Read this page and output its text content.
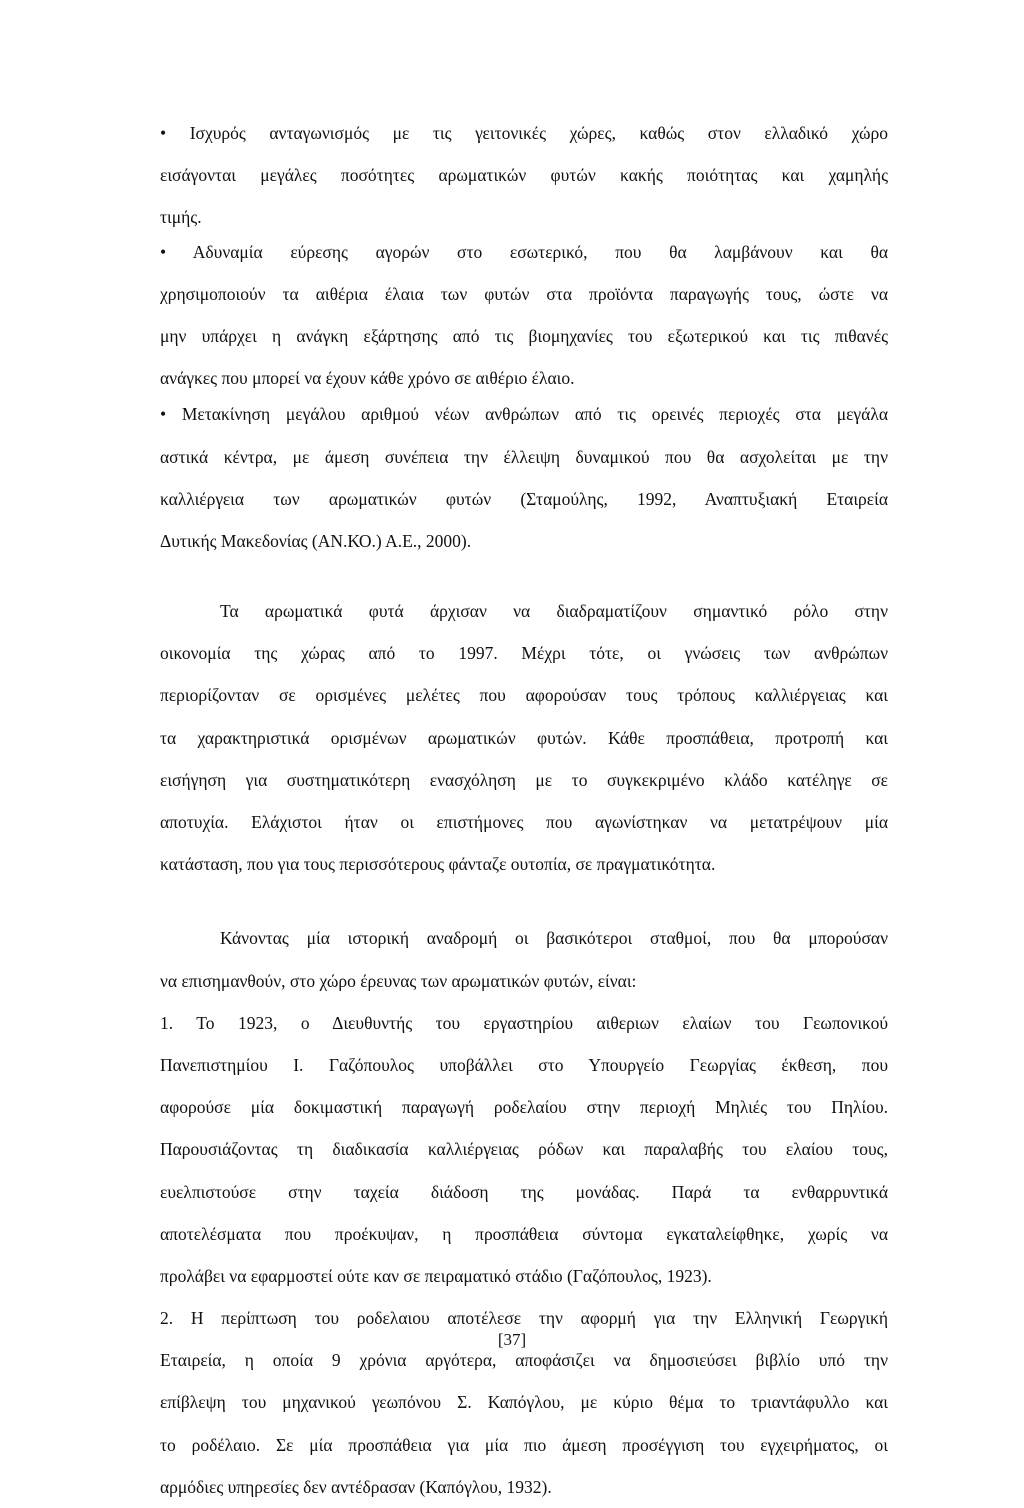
• Ισχυρός ανταγωνισμός με τις γειτονικές χώρες, καθώς στον ελλαδικό χώρο
εισάγονται μεγάλες ποσότητες αρωματικών φυτών κακής ποιότητας και χαμηλής
τιμής.
• Αδυναμία εύρεσης αγορών στο εσωτερικό, που θα λαμβάνουν και θα
χρησιμοποιούν τα αιθέρια έλαια των φυτών στα προϊόντα παραγωγής τους, ώστε να
μην υπάρχει η ανάγκη εξάρτησης από τις βιομηχανίες του εξωτερικού και τις πιθανές
ανάγκες που μπορεί να έχουν κάθε χρόνο σε αιθέριο έλαιο.
• Μετακίνηση μεγάλου αριθμού νέων ανθρώπων από τις ορεινές περιοχές στα μεγάλα
αστικά κέντρα, με άμεση συνέπεια την έλλειψη δυναμικού που θα ασχολείται με την
καλλιέργεια των αρωματικών φυτών (Σταμούλης, 1992, Αναπτυξιακή Εταιρεία
Δυτικής Μακεδονίας (ΑΝ.ΚΟ.) Α.Ε., 2000).
Τα αρωματικά φυτά άρχισαν να διαδραματίζουν σημαντικό ρόλο στην
οικονομία της χώρας από το 1997. Μέχρι τότε, οι γνώσεις των ανθρώπων
περιορίζονταν σε ορισμένες μελέτες που αφορούσαν τους τρόπους καλλιέργειας και
τα χαρακτηριστικά ορισμένων αρωματικών φυτών. Κάθε προσπάθεια, προτροπή και
εισήγηση για συστηματικότερη ενασχόληση με το συγκεκριμένο κλάδο κατέληγε σε
αποτυχία. Ελάχιστοι ήταν οι επιστήμονες που αγωνίστηκαν να μετατρέψουν μία
κατάσταση, που για τους περισσότερους φάνταζε ουτοπία, σε πραγματικότητα.
Κάνοντας μία ιστορική αναδρομή οι βασικότεροι σταθμοί, που θα μπορούσαν
να επισημανθούν, στο χώρο έρευνας των αρωματικών φυτών, είναι:
1. Το 1923, ο Διευθυντής του εργαστηρίου αιθεριων ελαίων του Γεωπονικού
Πανεπιστημίου Ι. Γαζόπουλος υποβάλλει στο Υπουργείο Γεωργίας έκθεση, που
αφορούσε μία δοκιμαστική παραγωγή ροδελαίου στην περιοχή Μηλιές του Πηλίου.
Παρουσιάζοντας τη διαδικασία καλλιέργειας ρόδων και παραλαβής του ελαίου τους,
ευελπιστούσε στην ταχεία διάδοση της μονάδας. Παρά τα ενθαρρυντικά
αποτελέσματα που προέκυψαν, η προσπάθεια σύντομα εγκαταλείφθηκε, χωρίς να
προλάβει να εφαρμοστεί ούτε καν σε πειραματικό στάδιο (Γαζόπουλος, 1923).
2. Η περίπτωση του ροδελαιου αποτέλεσε την αφορμή για την Ελληνική Γεωργική
Εταιρεία, η οποία 9 χρόνια αργότερα, αποφάσιζει να δημοσιεύσει βιβλίο υπό την
επίβλεψη του μηχανικού γεωπόνου Σ. Καπόγλου, με κύριο θέμα το τριαντάφυλλο και
το ροδέλαιο. Σε μία προσπάθεια για μία πιο άμεση προσέγγιση του εγχειρήματος, οι
αρμόδιες υπηρεσίες δεν αντέδρασαν (Καπόγλου, 1932).
[37]
